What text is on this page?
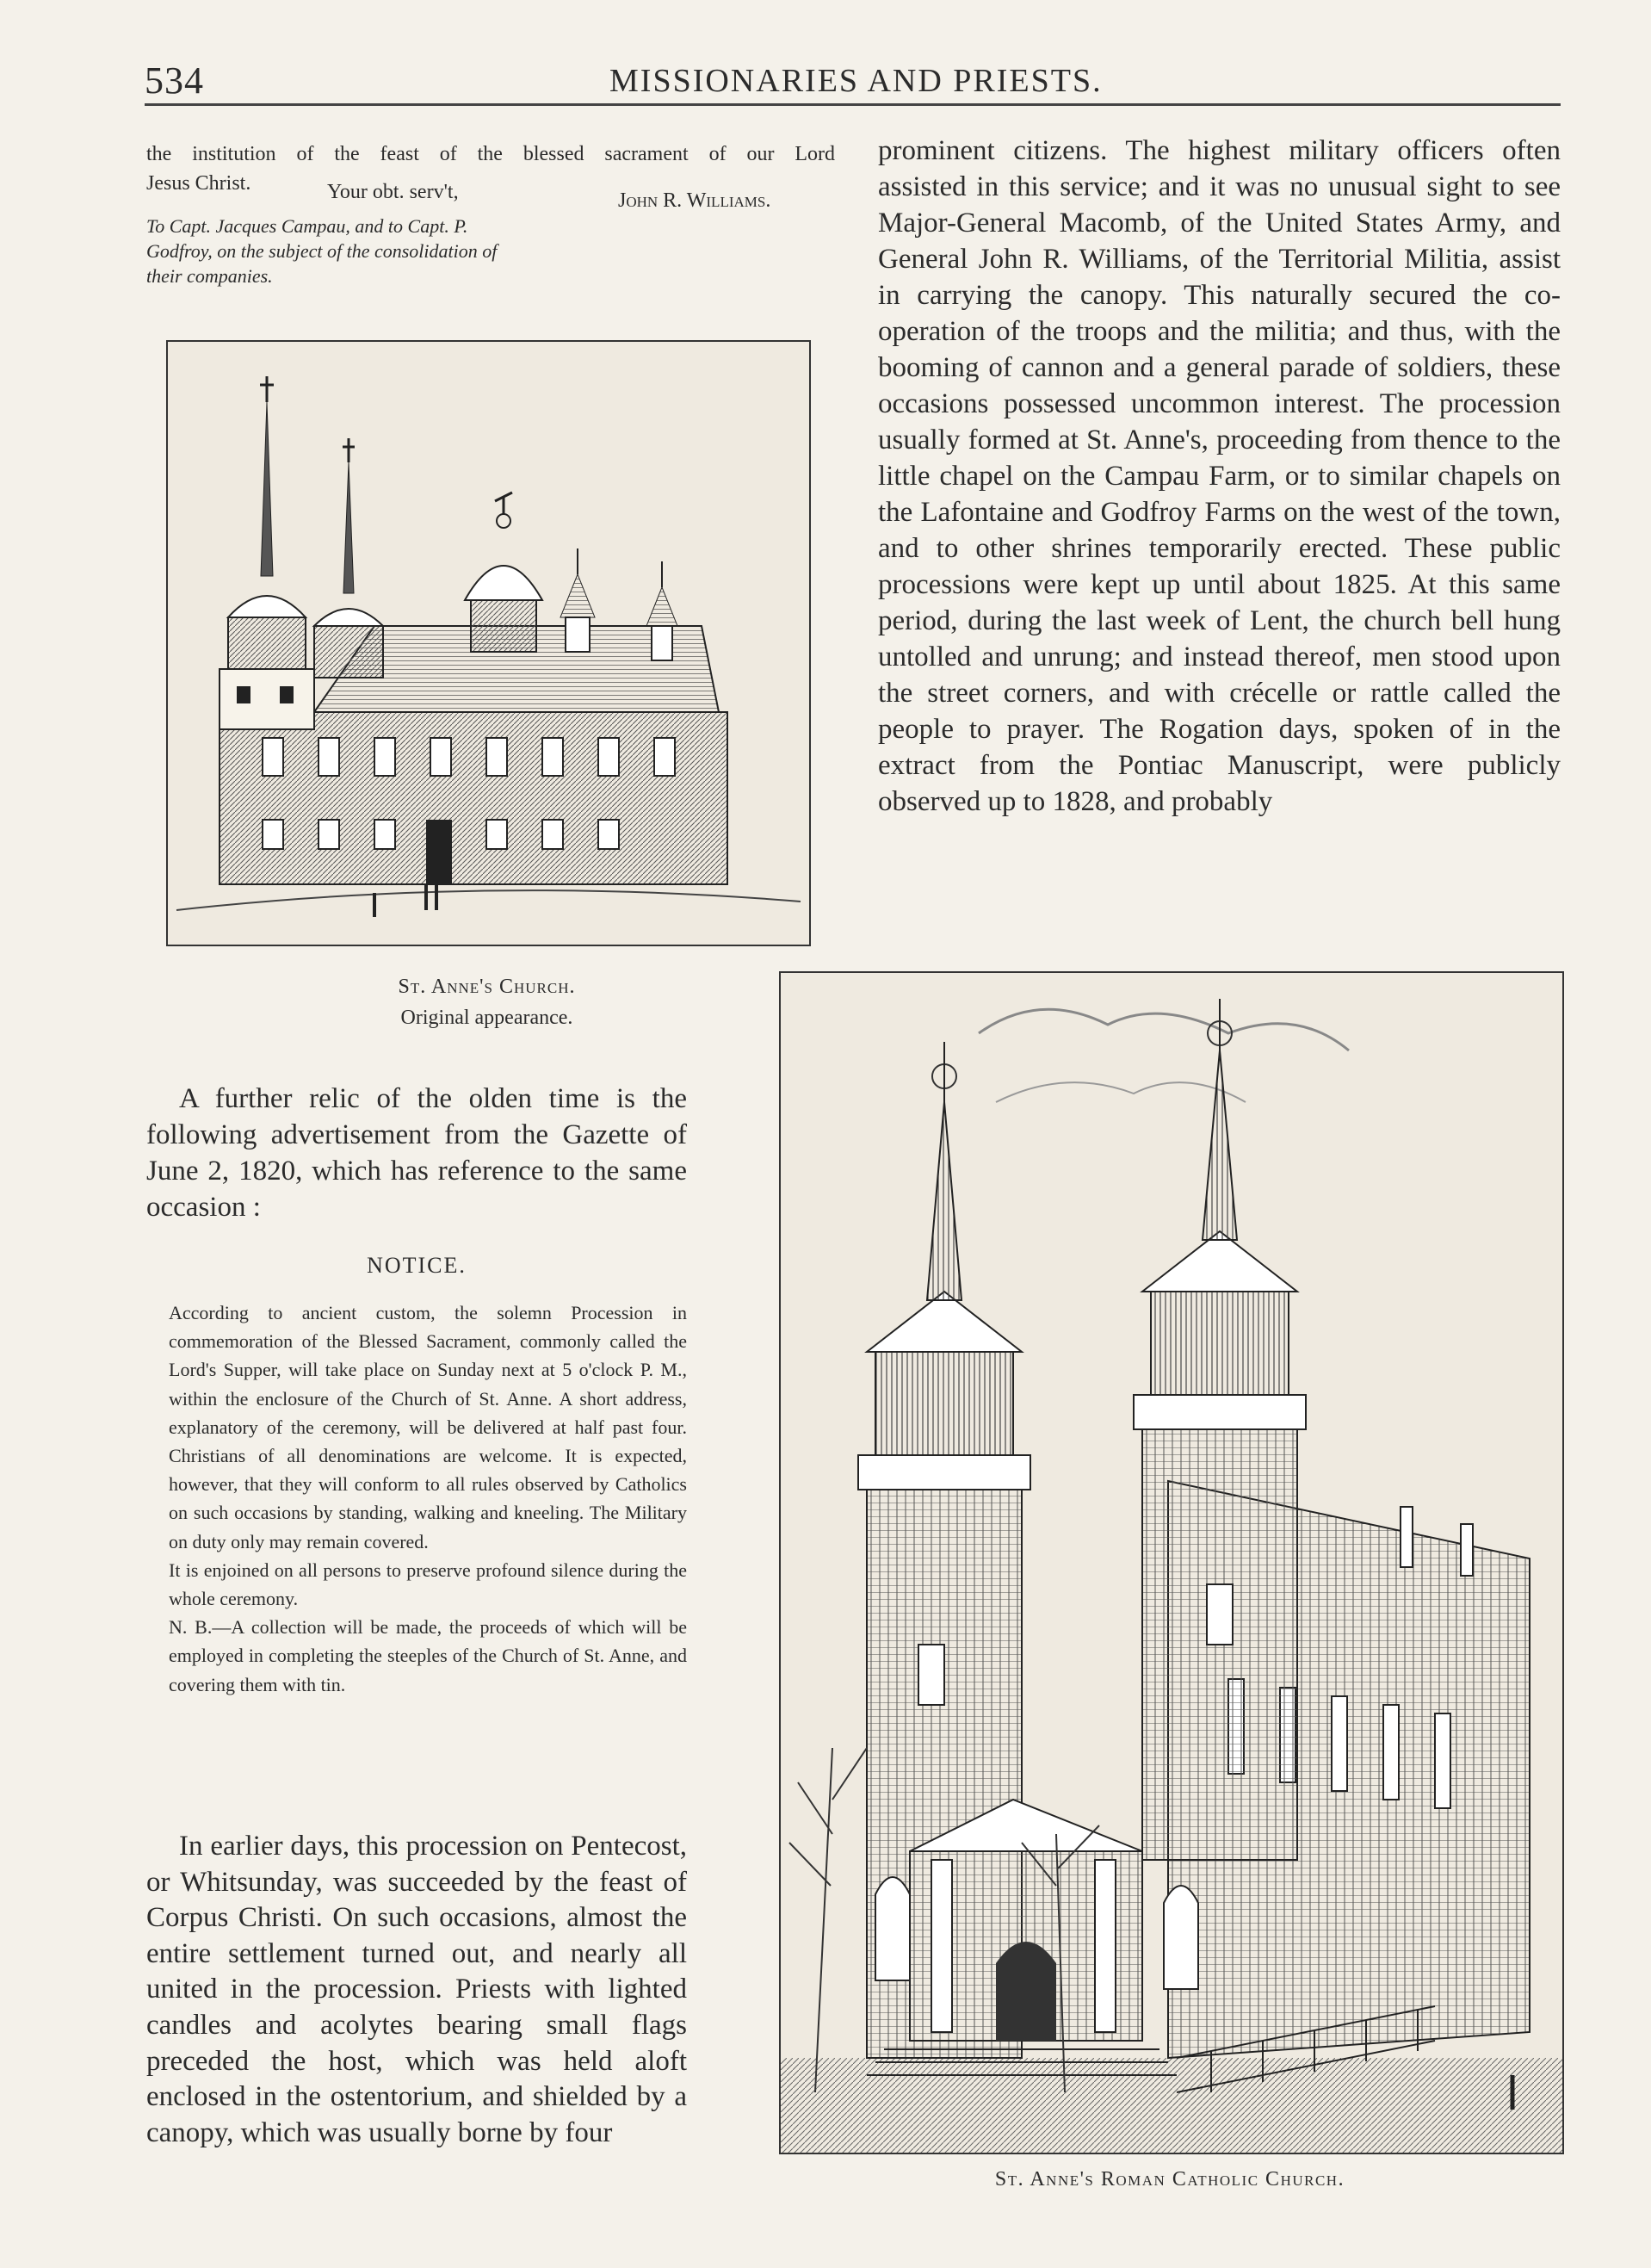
534	MISSIONARIES AND PRIESTS.
the institution of the feast of the blessed sacrament of our Lord
Jesus Christ.	Your obt. serv't,	John R. Williams.
To Capt. Jacques Campau, and to Capt. P. Godfroy, on the subject of the consolidation of their companies.
St. Anne's Church.
Original appearance.
prominent citizens. The highest military officers often assisted in this service; and it was no unusual sight to see Major-General Macomb, of the United States Army, and General John R. Williams, of the Territorial Militia, assist in carrying the canopy. This naturally secured the co-operation of the troops and the militia; and thus, with the booming of cannon and a general parade of soldiers, these occasions possessed uncommon interest. The procession usually formed at St. Anne's, proceeding from thence to the little chapel on the Campau Farm, or to similar chapels on the Lafontaine and Godfroy Farms on the west of the town, and to other shrines temporarily erected. These public processions were kept up until about 1825. At this same period, during the last week of Lent, the church bell hung untolled and unrung; and instead thereof, men stood upon the street corners, and with crécelle or rattle called the people to prayer. The Rogation days, spoken of in the extract from the Pontiac Manuscript, were publicly observed up to 1828, and probably
A further relic of the olden time is the following advertisement from the Gazette of June 2, 1820, which has reference to the same occasion :
NOTICE.

According to ancient custom, the solemn Procession in commemoration of the Blessed Sacrament, commonly called the Lord's Supper, will take place on Sunday next at 5 o'clock P. M., within the enclosure of the Church of St. Anne. A short address, explanatory of the ceremony, will be delivered at half past four. Christians of all denominations are welcome. It is expected, however, that they will conform to all rules observed by Catholics on such occasions by standing, walking and kneeling. The Military on duty only may remain covered.

It is enjoined on all persons to preserve profound silence during the whole ceremony.

N. B.—A collection will be made, the proceeds of which will be employed in completing the steeples of the Church of St. Anne, and covering them with tin.

In earlier days, this procession on Pentecost, or Whitsunday, was succeeded by the feast of Corpus Christi. On such occasions, almost the entire settlement turned out, and nearly all united in the procession. Priests with lighted candles and acolytes bearing small flags preceded the host, which was held aloft enclosed in the ostentorium, and shielded by a canopy, which was usually borne by four
St. Anne's Roman Catholic Church.
